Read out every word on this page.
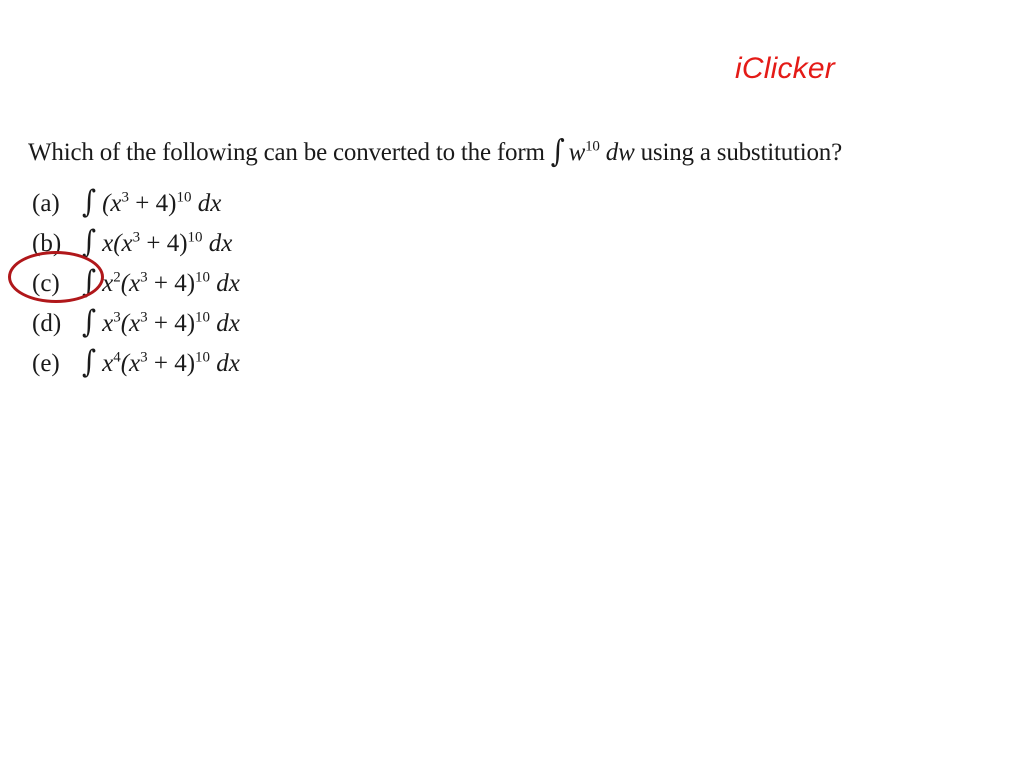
iClicker
Which of the following can be converted to the form ∫ $w^{10}$ dw using a substitution?
(a) ∫ $(x^3 + 4)^{10}$ dx
(b) ∫ $x(x^3 + 4)^{10}$ dx
(c) ∫ $x^2(x^3 + 4)^{10}$ dx
(d) ∫ $x^3(x^3 + 4)^{10}$ dx
(e) ∫ $x^4(x^3 + 4)^{10}$ dx
